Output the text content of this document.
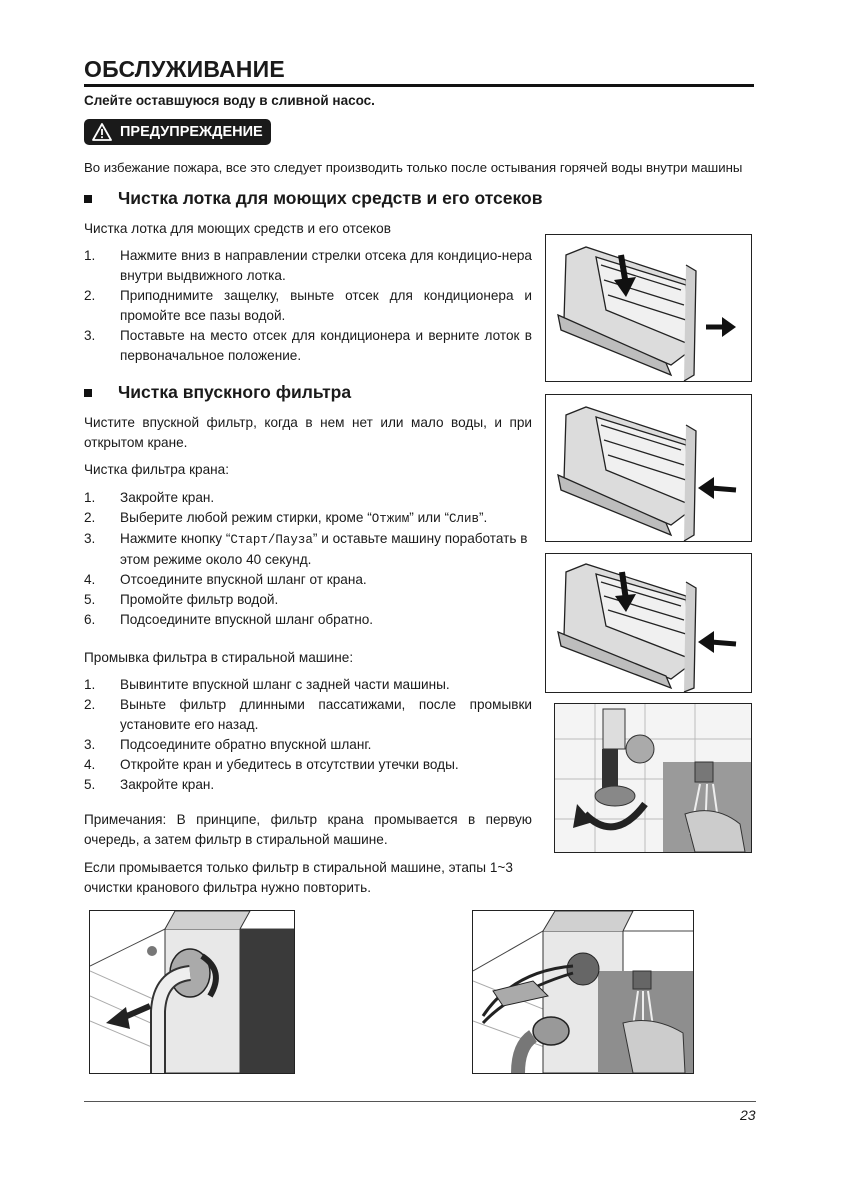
ОБСЛУЖИВАНИЕ
Слейте оставшуюся воду в сливной насос.
ПРЕДУПРЕЖДЕНИЕ
Во избежание пожара, все это следует производить только после остывания горячей воды внутри машины
Чистка лотка для моющих средств и его отсеков
Чистка лотка для моющих средств и его отсеков
1. Нажмите вниз в направлении стрелки отсека для кондицио-нера внутри выдвижного лотка.
2. Приподнимите защелку, выньте отсек для кондиционера и промойте все пазы водой.
3. Поставьте на место отсек для кондиционера и верните лоток в первоначальное положение.
Чистка впускного фильтра
Чистите впускной фильтр, когда в нем нет или мало воды, и при открытом кране.
Чистка фильтра крана:
1. Закройте кран.
2. Выберите любой режим стирки, кроме “Отжим” или “Слив”.
3. Нажмите кнопку “Старт/Пауза” и оставьте машину поработать в этом режиме около 40 секунд.
4. Отсоедините впускной шланг от крана.
5. Промойте фильтр водой.
6. Подсоедините впускной шланг обратно.
Промывка фильтра в стиральной машине:
1. Вывинтите впускной шланг с задней части машины.
2. Выньте фильтр длинными пассатижами, после промывки установите его назад.
3. Подсоедините обратно впускной шланг.
4. Откройте кран и убедитесь в отсутствии утечки воды.
5. Закройте кран.
Примечания: В принципе, фильтр крана промывается в первую очередь, а затем фильтр в стиральной машине.
Если промывается только фильтр в стиральной машине, этапы 1~3 очистки кранового фильтра нужно повторить.
23
